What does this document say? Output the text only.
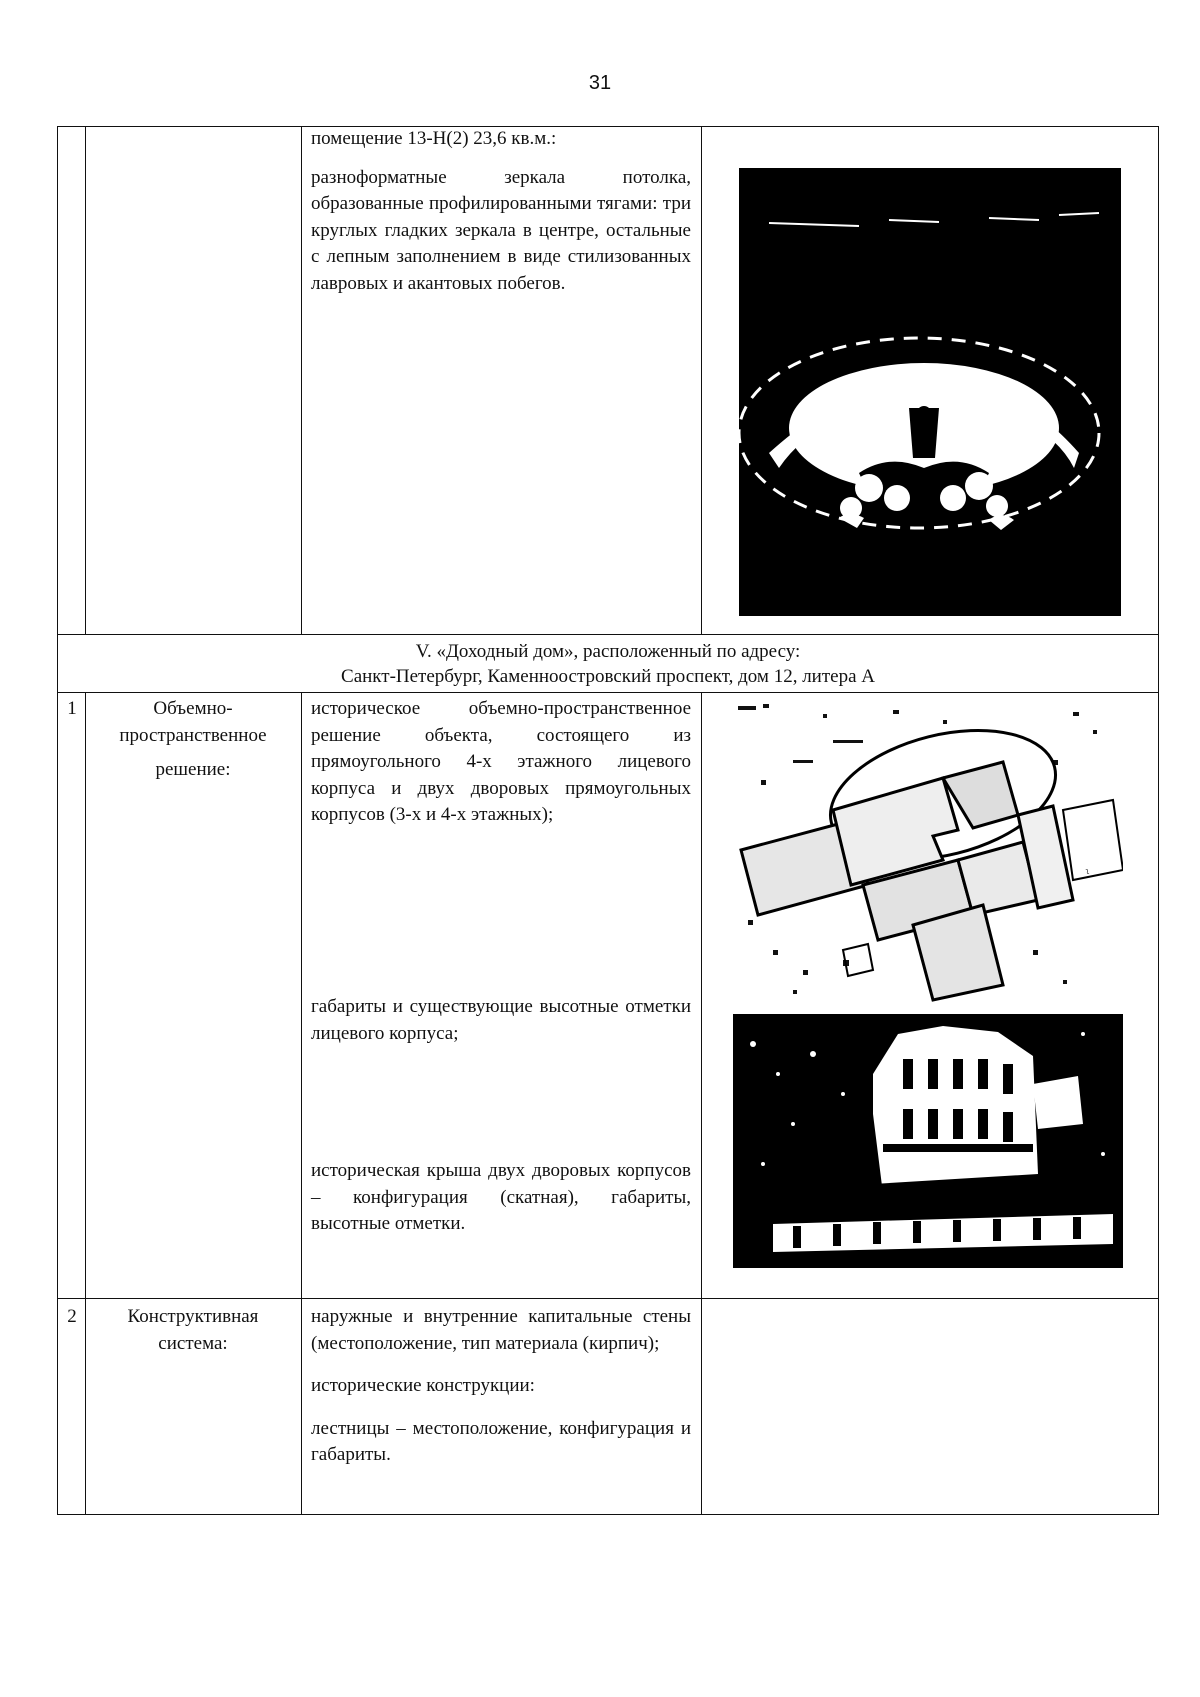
31

помещение 13-Н(2) 23,6 кв.м.:

разноформатные зеркала потолка, образованные профилированными тягами: три круглых гладких зеркала в центре, остальные с лепным заполнением в виде стилизованных лавровых и акантовых побегов.

V. «Доходный дом», расположенный по адресу:
Санкт-Петербург, Каменноостровский проспект, дом 12, литера А
1	Объемно-
пространственное
решение:
историческое объемно-пространственное решение объекта, состоящего из прямоугольного 4-х этажного лицевого корпуса и двух дворовых прямоугольных корпусов (3-х и 4-х этажных);
габариты и существующие высотные отметки лицевого корпуса;
историческая крыша двух дворовых корпусов – конфигурация (скатная), габариты, высотные отметки.
~
2	Конструктивная
система:

наружные и внутренние капитальные стены (местоположение, тип материала (кирпич);

исторические конструкции:

лестницы – местоположение, конфигурация и габариты.
